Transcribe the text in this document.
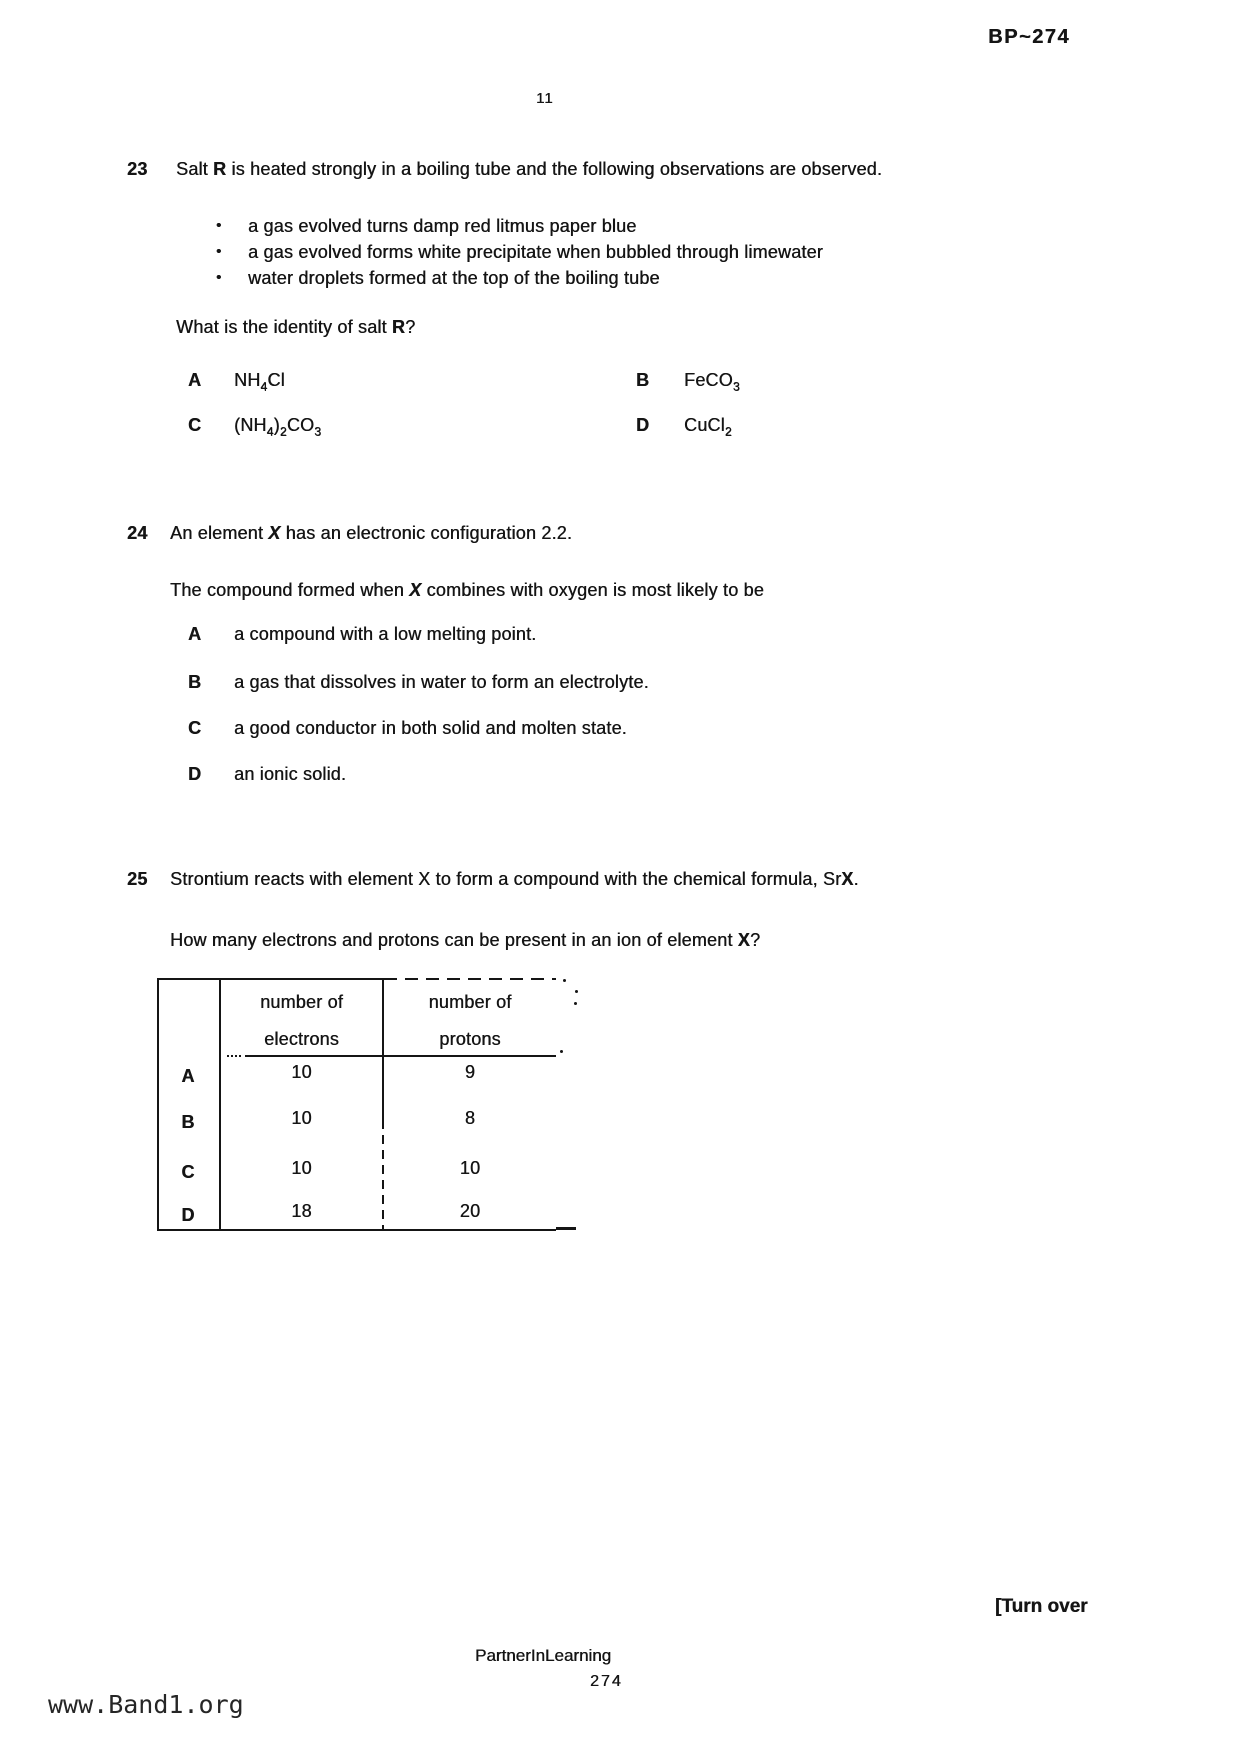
BP~274
11
23 Salt R is heated strongly in a boiling tube and the following observations are observed.
• a gas evolved turns damp red litmus paper blue
• a gas evolved forms white precipitate when bubbled through limewater
• water droplets formed at the top of the boiling tube
What is the identity of salt R?
A $NH_4Cl$	B FeCO$_3$
C $(NH_4)_2CO_3$	D CuCl$_2$
24 An element X has an electronic configuration 2.2.
The compound formed when X combines with oxygen is most likely to be
A a compound with a low melting point.
B a gas that dissolves in water to form an electrolyte.
C a good conductor in both solid and molten state.
D an ionic solid.
25 Strontium reacts with element X to form a compound with the chemical formula, SrX.
How many electrons and protons can be present in an ion of element X?
number of
electrons
number of
protons
A	10	9
B	10	8
C	10	10
D	18	20
[Turn over
PartnerInLearning
274
www.Band1.org
